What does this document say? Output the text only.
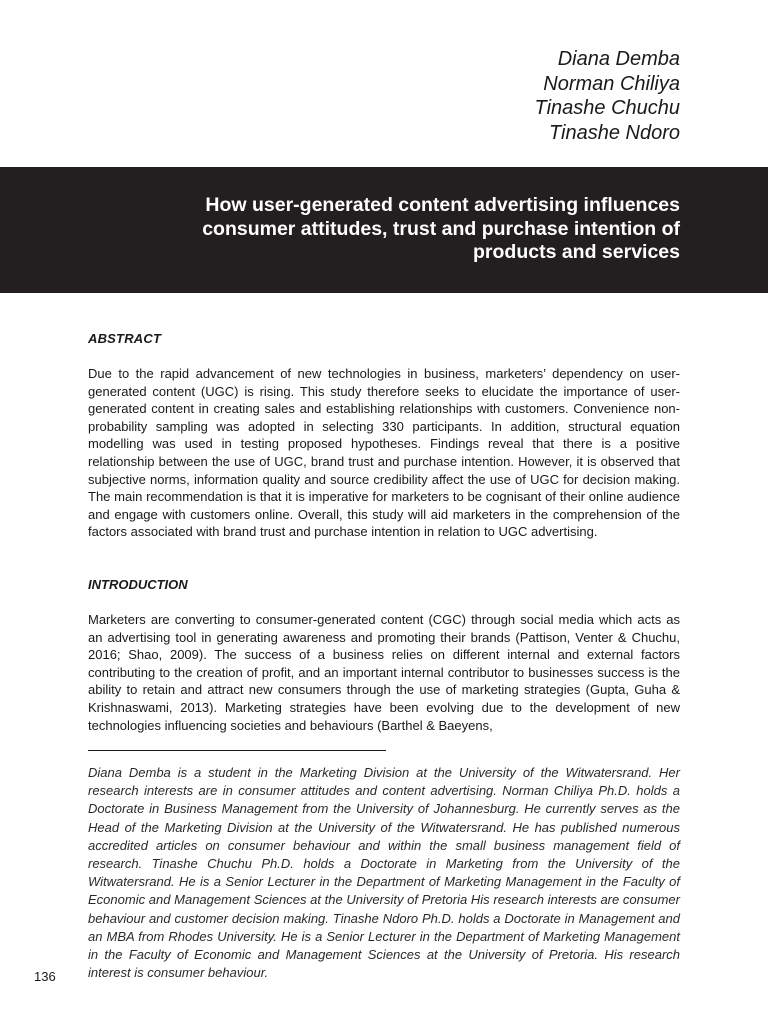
Diana Demba
Norman Chiliya
Tinashe Chuchu
Tinashe Ndoro
How user-generated content advertising influences consumer attitudes, trust and purchase intention of products and services
ABSTRACT

Due to the rapid advancement of new technologies in business, marketers’ dependency on user-generated content (UGC) is rising. This study therefore seeks to elucidate the importance of user-generated content in creating sales and establishing relationships with customers. Convenience non-probability sampling was adopted in selecting 330 participants. In addition, structural equation modelling was used in testing proposed hypotheses. Findings reveal that there is a positive relationship between the use of UGC, brand trust and purchase intention. However, it is observed that subjective norms, information quality and source credibility affect the use of UGC for decision making. The main recommendation is that it is imperative for marketers to be cognisant of their online audience and engage with customers online. Overall, this study will aid marketers in the comprehension of the factors associated with brand trust and purchase intention in relation to UGC advertising.

INTRODUCTION

Marketers are converting to consumer-generated content (CGC) through social media which acts as an advertising tool in generating awareness and promoting their brands (Pattison, Venter & Chuchu, 2016; Shao, 2009). The success of a business relies on different internal and external factors contributing to the creation of profit, and an important internal contributor to businesses success is the ability to retain and attract new consumers through the use of marketing strategies (Gupta, Guha & Krishnaswami, 2013). Marketing strategies have been evolving due to the development of new technologies influencing societies and behaviours (Barthel & Baeyens,

Diana Demba is a student in the Marketing Division at the University of the Witwatersrand. Her research interests are in consumer attitudes and content advertising. Norman Chiliya Ph.D. holds a Doctorate in Business Management from the University of Johannesburg. He currently serves as the Head of the Marketing Division at the University of the Witwatersrand. He has published numerous accredited articles on consumer behaviour and within the small business management field of research. Tinashe Chuchu Ph.D. holds a Doctorate in Marketing from the University of the Witwatersrand. He is a Senior Lecturer in the Department of Marketing Management in the Faculty of Economic and Management Sciences at the University of Pretoria His research interests are consumer behaviour and customer decision making. Tinashe Ndoro Ph.D. holds a Doctorate in Management and an MBA from Rhodes University. He is a Senior Lecturer in the Department of Marketing Management in the Faculty of Economic and Management Sciences at the University of Pretoria. His research interest is consumer behaviour.

136
